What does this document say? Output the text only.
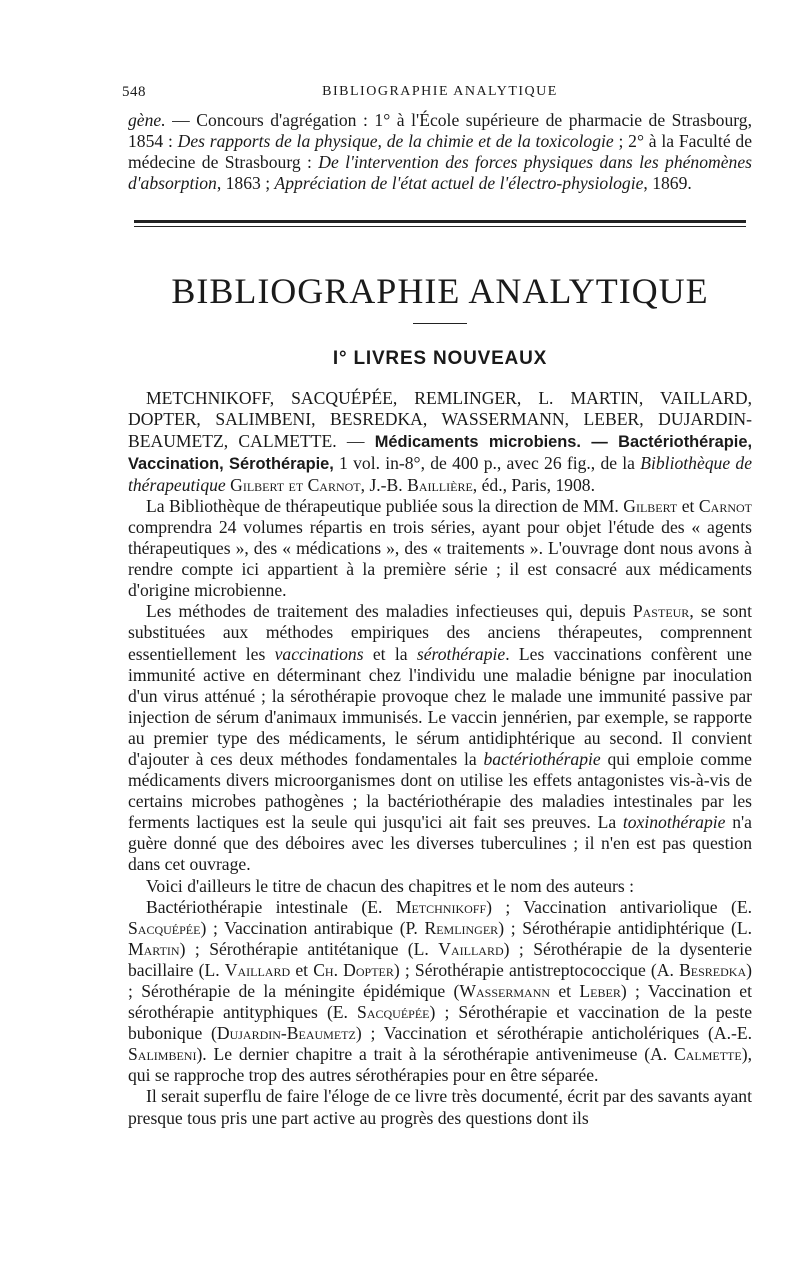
548	BIBLIOGRAPHIE ANALYTIQUE

gène. — Concours d'agrégation : 1° à l'École supérieure de pharmacie de Strasbourg, 1854 : Des rapports de la physique, de la chimie et de la toxicologie ; 2° à la Faculté de médecine de Strasbourg : De l'intervention des forces physiques dans les phénomènes d'absorption, 1863 ; Appréciation de l'état actuel de l'électro-physiologie, 1869.

BIBLIOGRAPHIE ANALYTIQUE
I° LIVRES NOUVEAUX

METCHNIKOFF, SACQUÉPÉE, REMLINGER, L. MARTIN, VAILLARD, DOPTER, SALIMBENI, BESREDKA, WASSERMANN, LEBER, DUJARDIN-BEAUMETZ, CALMETTE. — Médicaments microbiens. — Bactériothérapie, Vaccination, Sérothérapie, 1 vol. in-8°, de 400 p., avec 26 fig., de la Bibliothèque de thérapeutique Gilbert et Carnot, J.-B. Baillière, éd., Paris, 1908.

La Bibliothèque de thérapeutique publiée sous la direction de MM. Gilbert et Carnot comprendra 24 volumes répartis en trois séries, ayant pour objet l'étude des « agents thérapeutiques », des « médications », des « traitements ». L'ouvrage dont nous avons à rendre compte ici appartient à la première série ; il est consacré aux médicaments d'origine microbienne.

Les méthodes de traitement des maladies infectieuses qui, depuis Pasteur, se sont substituées aux méthodes empiriques des anciens thérapeutes, comprennent essentiellement les vaccinations et la sérothérapie. Les vaccinations confèrent une immunité active en déterminant chez l'individu une maladie bénigne par inoculation d'un virus atténué ; la sérothérapie provoque chez le malade une immunité passive par injection de sérum d'animaux immunisés. Le vaccin jennérien, par exemple, se rapporte au premier type des médicaments, le sérum antidiphtérique au second. Il convient d'ajouter à ces deux méthodes fondamentales la bactériothérapie qui emploie comme médicaments divers microorganismes dont on utilise les effets antagonistes vis-à-vis de certains microbes pathogènes ; la bactériothérapie des maladies intestinales par les ferments lactiques est la seule qui jusqu'ici ait fait ses preuves. La toxinothérapie n'a guère donné que des déboires avec les diverses tuberculines ; il n'en est pas question dans cet ouvrage.

Voici d'ailleurs le titre de chacun des chapitres et le nom des auteurs :

Bactériothérapie intestinale (E. Metchnikoff) ; Vaccination antivariolique (E. Sacquépée) ; Vaccination antirabique (P. Remlinger) ; Sérothérapie antidiphtérique (L. Martin) ; Sérothérapie antitétanique (L. Vaillard) ; Sérothérapie de la dysenterie bacillaire (L. Vaillard et Ch. Dopter) ; Sérothérapie antistreptococcique (A. Besredka) ; Sérothérapie de la méningite épidémique (Wassermann et Leber) ; Vaccination et sérothérapie antityphiques (E. Sacquépée) ; Sérothérapie et vaccination de la peste bubonique (Dujardin-Beaumetz) ; Vaccination et sérothérapie anticholériques (A.-E. Salimbeni). Le dernier chapitre a trait à la sérothérapie antivenimeuse (A. Calmette), qui se rapproche trop des autres sérothérapies pour en être séparée.

Il serait superflu de faire l'éloge de ce livre très documenté, écrit par des savants ayant presque tous pris une part active au progrès des questions dont ils
